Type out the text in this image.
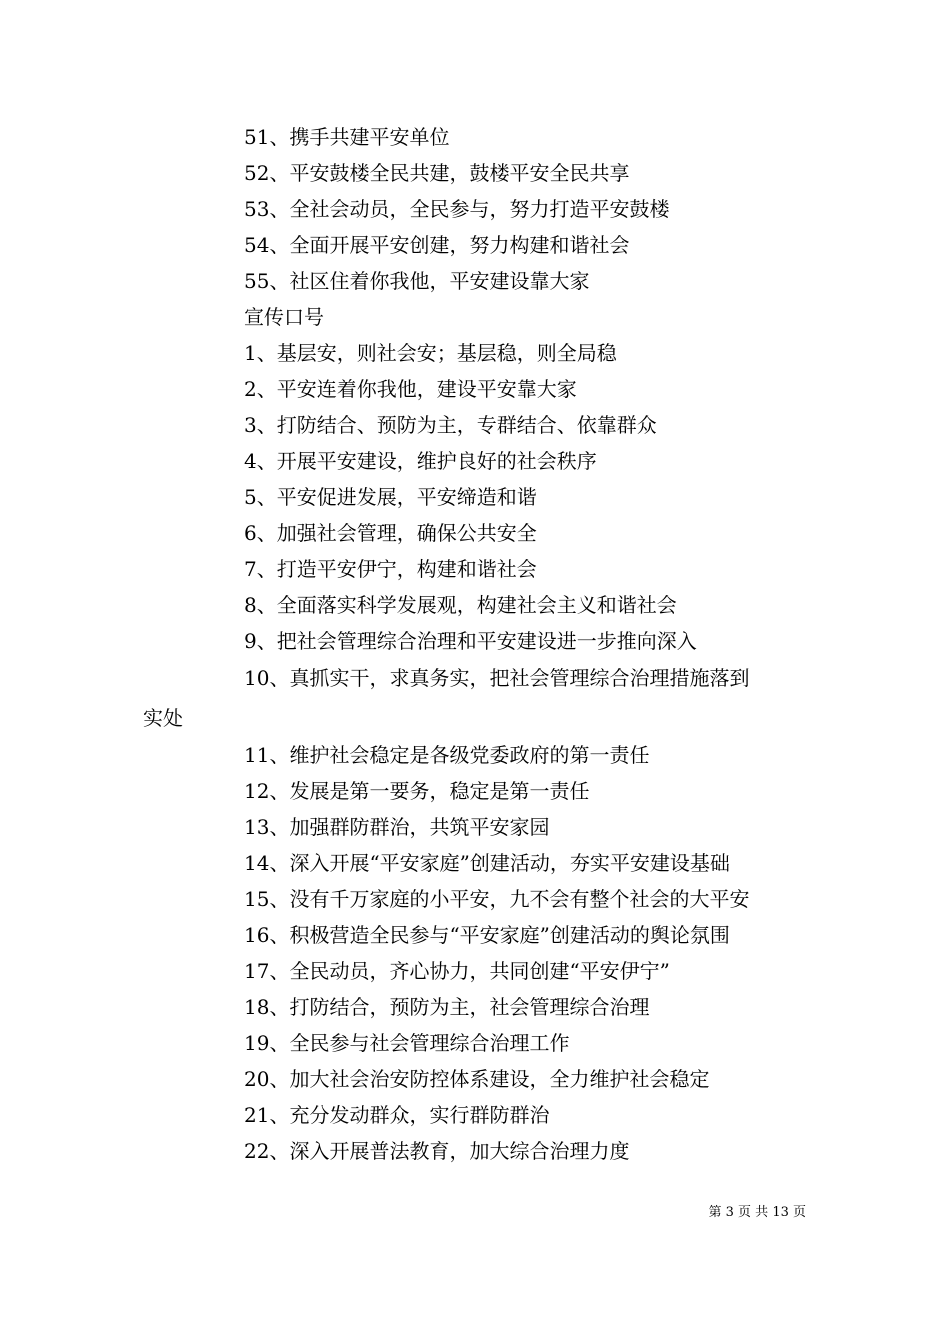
51、携手共建平安单位
52、平安鼓楼全民共建，鼓楼平安全民共享
53、全社会动员，全民参与，努力打造平安鼓楼
54、全面开展平安创建，努力构建和谐社会
55、社区住着你我他，平安建设靠大家
宣传口号
1、基层安，则社会安；基层稳，则全局稳
2、平安连着你我他，建设平安靠大家
3、打防结合、预防为主，专群结合、依靠群众
4、开展平安建设，维护良好的社会秩序
5、平安促进发展，平安缔造和谐
6、加强社会管理，确保公共安全
7、打造平安伊宁，构建和谐社会
8、全面落实科学发展观，构建社会主义和谐社会
9、把社会管理综合治理和平安建设进一步推向深入
10、真抓实干，求真务实，把社会管理综合治理措施落到
实处
11、维护社会稳定是各级党委政府的第一责任
12、发展是第一要务，稳定是第一责任
13、加强群防群治，共筑平安家园
14、深入开展“平安家庭”创建活动，夯实平安建设基础
15、没有千万家庭的小平安，九不会有整个社会的大平安
16、积极营造全民参与“平安家庭”创建活动的舆论氛围
17、全民动员，齐心协力，共同创建“平安伊宁”
18、打防结合，预防为主，社会管理综合治理
19、全民参与社会管理综合治理工作
20、加大社会治安防控体系建设，全力维护社会稳定
21、充分发动群众，实行群防群治
22、深入开展普法教育，加大综合治理力度
第 3 页 共 13 页
